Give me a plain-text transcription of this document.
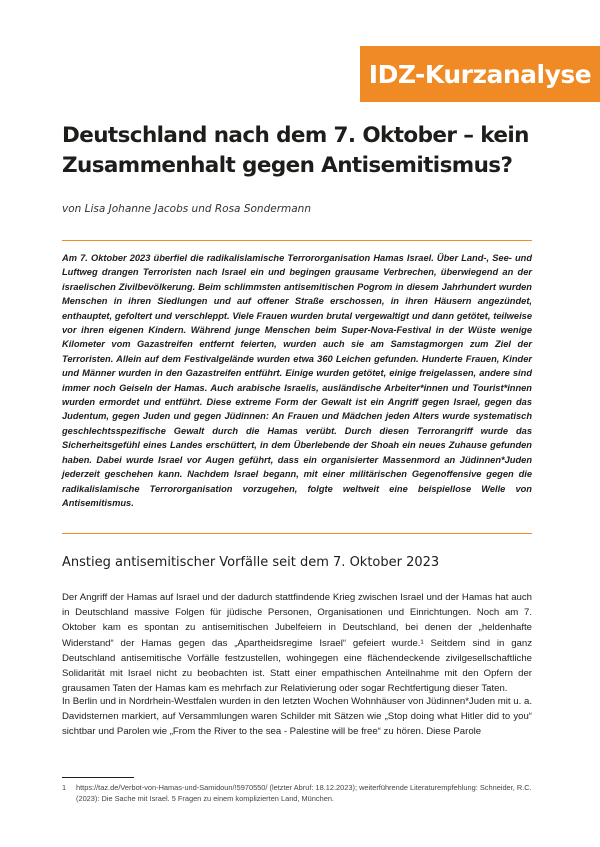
IDZ-Kurzanalyse
Deutschland nach dem 7. Oktober – kein Zusammenhalt gegen Antisemitismus?
von Lisa Johanne Jacobs und Rosa Sondermann

Am 7. Oktober 2023 überfiel die radikalislamische Terrororganisation Hamas Israel. Über Land-, See- und Luftweg drangen Terroristen nach Israel ein und begingen grausame Verbrechen, überwiegend an der israelischen Zivilbevölkerung. Beim schlimmsten antisemitischen Pogrom in diesem Jahrhundert wurden Menschen in ihren Siedlungen und auf offener Straße erschossen, in ihren Häusern angezündet, enthauptet, gefoltert und verschleppt. Viele Frauen wurden brutal vergewaltigt und dann getötet, teilweise vor ihren eigenen Kindern. Während junge Menschen beim Super-Nova-Festival in der Wüste wenige Kilometer vom Gazastreifen entfernt feierten, wurden auch sie am Samstagmorgen zum Ziel der Terroristen. Allein auf dem Festivalgelände wurden etwa 360 Leichen gefunden. Hunderte Frauen, Kinder und Männer wurden in den Gazastreifen entführt. Einige wurden getötet, einige freigelassen, andere sind immer noch Geiseln der Hamas. Auch arabische Israelis, ausländische Arbeiter*innen und Tourist*innen wurden ermordet und entführt. Diese extreme Form der Gewalt ist ein Angriff gegen Israel, gegen das Judentum, gegen Juden und gegen Jüdinnen: An Frauen und Mädchen jeden Alters wurde systematisch geschlechtsspezifische Gewalt durch die Hamas verübt. Durch diesen Terrorangriff wurde das Sicherheitsgefühl eines Landes erschüttert, in dem Überlebende der Shoah ein neues Zuhause gefunden haben. Dabei wurde Israel vor Augen geführt, dass ein organisierter Massenmord an Jüdinnen*Juden jederzeit geschehen kann. Nachdem Israel begann, mit einer militärischen Gegenoffensive gegen die radikalislamische Terrororganisation vorzugehen, folgte weltweit eine beispiellose Welle von Antisemitismus.

Anstieg antisemitischer Vorfälle seit dem 7. Oktober 2023

Der Angriff der Hamas auf Israel und der dadurch stattfindende Krieg zwischen Israel und der Hamas hat auch in Deutschland massive Folgen für jüdische Personen, Organisationen und Einrichtungen. Noch am 7. Oktober kam es spontan zu antisemitischen Jubelfeiern in Deutschland, bei denen der „heldenhafte Widerstand“ der Hamas gegen das „Apartheidsregime Israel“ gefeiert wurde.¹ Seitdem sind in ganz Deutschland antisemitische Vorfälle festzustellen, wohingegen eine flächendeckende zivilgesellschaftliche Solidarität mit Israel nicht zu beobachten ist. Statt einer empathischen Anteilnahme mit den Opfern der grausamen Taten der Hamas kam es mehrfach zur Relativierung oder sogar Rechtfertigung dieser Taten.

In Berlin und in Nordrhein-Westfalen wurden in den letzten Wochen Wohnhäuser von Jüdinnen*Juden mit u. a. Davidsternen markiert, auf Versammlungen waren Schilder mit Sätzen wie „Stop doing what Hitler did to you“ sichtbar und Parolen wie „From the River to the sea - Palestine will be free“ zu hören. Diese Parole

1	https://taz.de/Verbot-von-Hamas-und-Samidoun/!5970550/ (letzter Abruf: 18.12.2023); weiterführende Literaturempfehlung: Schneider, R.C. (2023): Die Sache mit Israel. 5 Fragen zu einem komplizierten Land, München.
